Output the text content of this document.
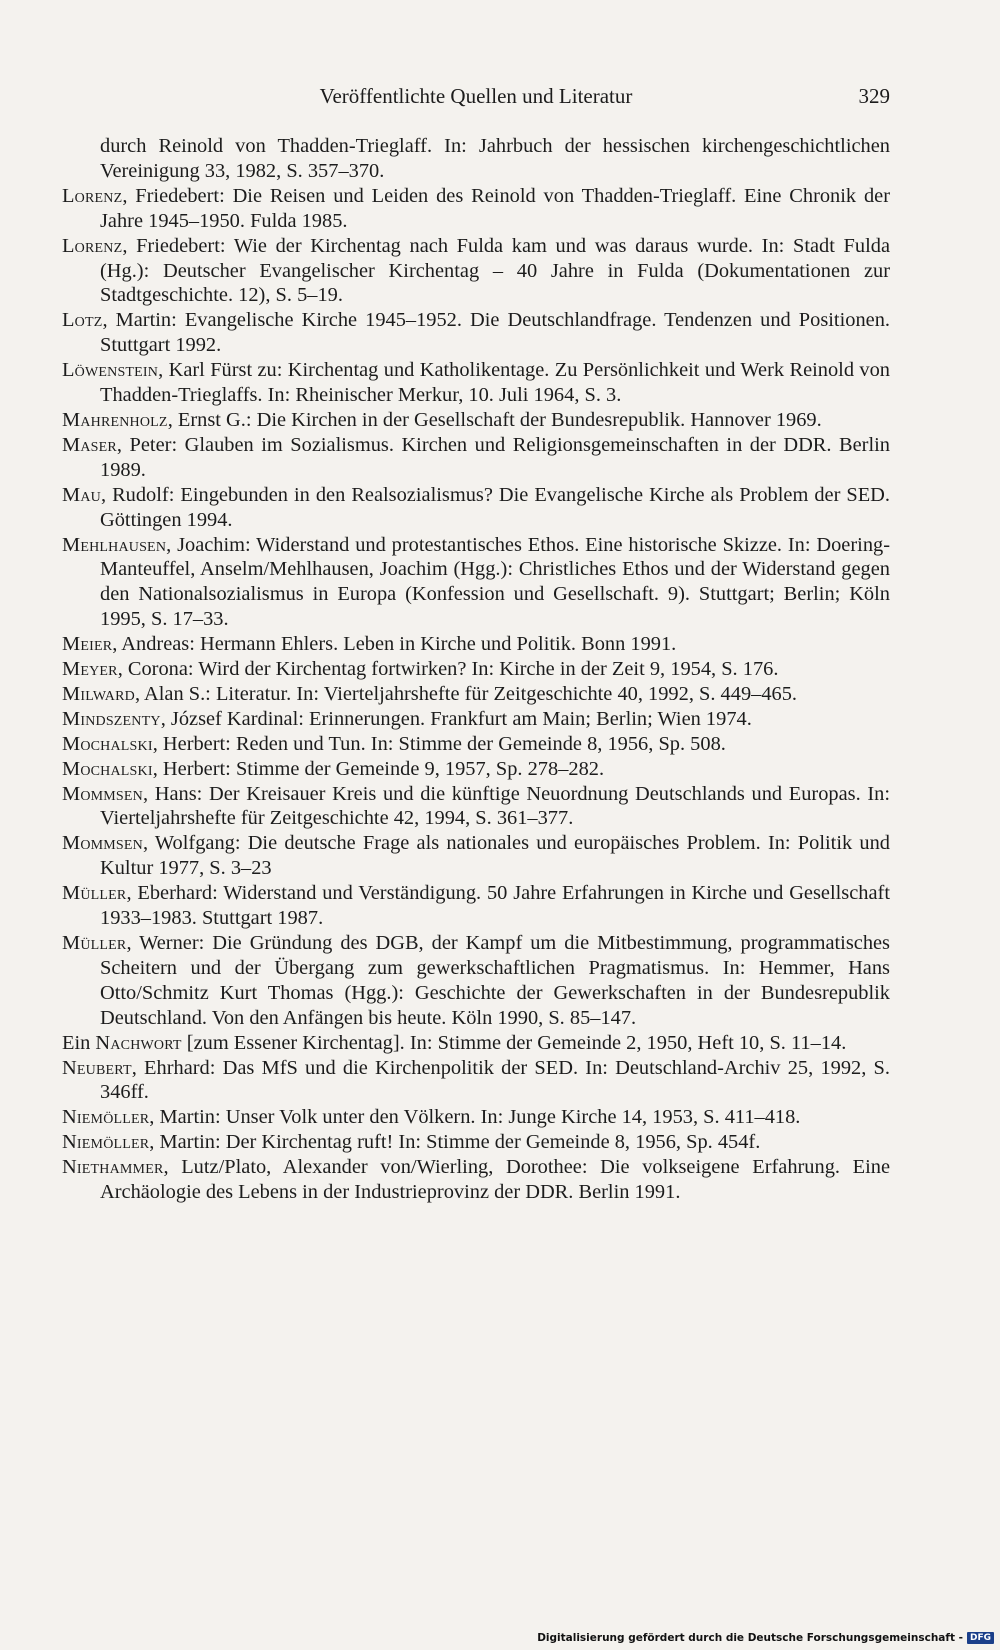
Veröffentlichte Quellen und Literatur	329

durch Reinold von Thadden-Trieglaff. In: Jahrbuch der hessischen kirchengeschichtlichen Vereinigung 33, 1982, S. 357–370.

Lorenz, Friedebert: Die Reisen und Leiden des Reinold von Thadden-Trieglaff. Eine Chronik der Jahre 1945–1950. Fulda 1985.

Lorenz, Friedebert: Wie der Kirchentag nach Fulda kam und was daraus wurde. In: Stadt Fulda (Hg.): Deutscher Evangelischer Kirchentag – 40 Jahre in Fulda (Dokumentationen zur Stadtgeschichte. 12), S. 5–19.

Lotz, Martin: Evangelische Kirche 1945–1952. Die Deutschlandfrage. Tendenzen und Positionen. Stuttgart 1992.

Löwenstein, Karl Fürst zu: Kirchentag und Katholikentage. Zu Persönlichkeit und Werk Reinold von Thadden-Trieglaffs. In: Rheinischer Merkur, 10. Juli 1964, S. 3.

Mahrenholz, Ernst G.: Die Kirchen in der Gesellschaft der Bundesrepublik. Hannover 1969.

Maser, Peter: Glauben im Sozialismus. Kirchen und Religionsgemeinschaften in der DDR. Berlin 1989.

Mau, Rudolf: Eingebunden in den Realsozialismus? Die Evangelische Kirche als Problem der SED. Göttingen 1994.

Mehlhausen, Joachim: Widerstand und protestantisches Ethos. Eine historische Skizze. In: Doering-Manteuffel, Anselm/Mehlhausen, Joachim (Hgg.): Christliches Ethos und der Widerstand gegen den Nationalsozialismus in Europa (Konfession und Gesellschaft. 9). Stuttgart; Berlin; Köln 1995, S. 17–33.

Meier, Andreas: Hermann Ehlers. Leben in Kirche und Politik. Bonn 1991.

Meyer, Corona: Wird der Kirchentag fortwirken? In: Kirche in der Zeit 9, 1954, S. 176.

Milward, Alan S.: Literatur. In: Vierteljahrshefte für Zeitgeschichte 40, 1992, S. 449–465.

Mindszenty, József Kardinal: Erinnerungen. Frankfurt am Main; Berlin; Wien 1974.

Mochalski, Herbert: Reden und Tun. In: Stimme der Gemeinde 8, 1956, Sp. 508.

Mochalski, Herbert: Stimme der Gemeinde 9, 1957, Sp. 278–282.

Mommsen, Hans: Der Kreisauer Kreis und die künftige Neuordnung Deutschlands und Europas. In: Vierteljahrshefte für Zeitgeschichte 42, 1994, S. 361–377.

Mommsen, Wolfgang: Die deutsche Frage als nationales und europäisches Problem. In: Politik und Kultur 1977, S. 3–23

Müller, Eberhard: Widerstand und Verständigung. 50 Jahre Erfahrungen in Kirche und Gesellschaft 1933–1983. Stuttgart 1987.

Müller, Werner: Die Gründung des DGB, der Kampf um die Mitbestimmung, programmatisches Scheitern und der Übergang zum gewerkschaftlichen Pragmatismus. In: Hemmer, Hans Otto/Schmitz Kurt Thomas (Hgg.): Geschichte der Gewerkschaften in der Bundesrepublik Deutschland. Von den Anfängen bis heute. Köln 1990, S. 85–147.

Ein Nachwort [zum Essener Kirchentag]. In: Stimme der Gemeinde 2, 1950, Heft 10, S. 11–14.

Neubert, Ehrhard: Das MfS und die Kirchenpolitik der SED. In: Deutschland-Archiv 25, 1992, S. 346ff.

Niemöller, Martin: Unser Volk unter den Völkern. In: Junge Kirche 14, 1953, S. 411–418.

Niemöller, Martin: Der Kirchentag ruft! In: Stimme der Gemeinde 8, 1956, Sp. 454f.

Niethammer, Lutz/Plato, Alexander von/Wierling, Dorothee: Die volkseigene Erfahrung. Eine Archäologie des Lebens in der Industrieprovinz der DDR. Berlin 1991.

Digitalisierung gefördert durch die Deutsche Forschungsgemeinschaft - DFG
